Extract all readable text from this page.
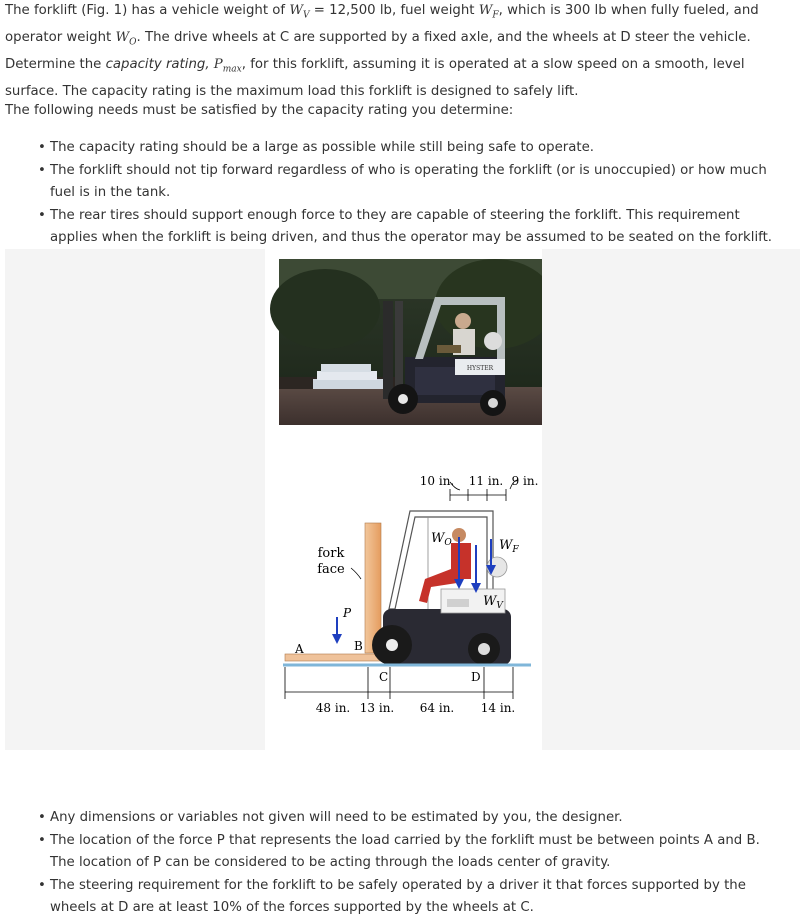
The forklift (Fig. 1) has a vehicle weight of $W_V = 12,500$ lb, fuel weight $W_F$, which is 300 lb when fully fueled, and operator weight $W_O$. The drive wheels at C are supported by a fixed axle, and the wheels at D steer the vehicle. Determine the capacity rating, $P_{max}$, for this forklift, assuming it is operated at a slow speed on a smooth, level surface. The capacity rating is the maximum load this forklift is designed to safely lift.

The following needs must be satisfied by the capacity rating you determine:

• The capacity rating should be a large as possible while still being safe to operate.
• The forklift should not tip forward regardless of who is operating the forklift (or is unoccupied) or how much fuel is in the tank.
• The rear tires should support enough force to they are capable of steering the forklift. This requirement applies when the forklift is being driven, and thus the operator may be assumed to be seated on the forklift.
HYSTER
10 in. 11 in. 9 in.
$W_O$	$W_F$
$W_V$
fork
face
P
A	B
C	D
48 in. 13 in. 64 in. 14 in.
• Any dimensions or variables not given will need to be estimated by you, the designer.
• The location of the force P that represents the load carried by the forklift must be between points A and B. The location of P can be considered to be acting through the loads center of gravity.
• The steering requirement for the forklift to be safely operated by a driver it that forces supported by the wheels at D are at least 10% of the forces supported by the wheels at C.
